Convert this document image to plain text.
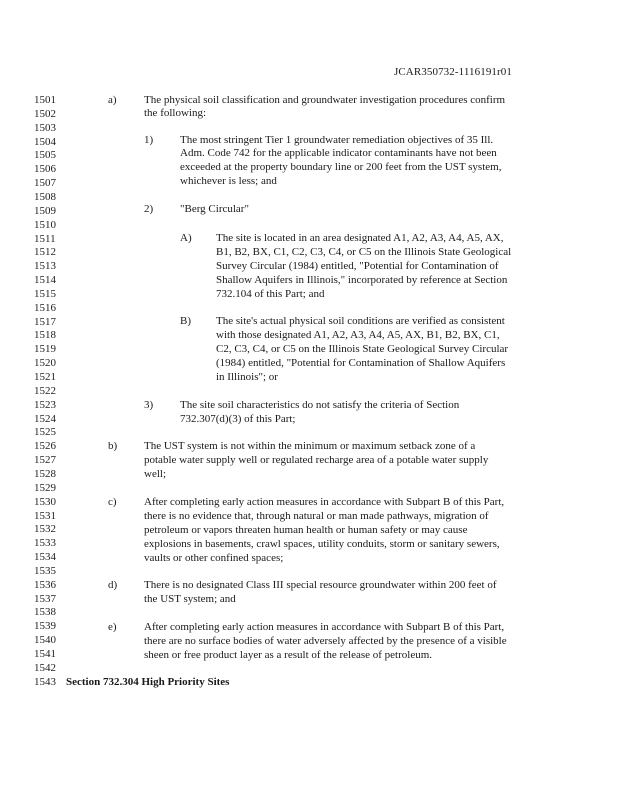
JCAR350732-1116191r01
1501
1502
1503
1504
1505
1506
1507
1508
1509
1510
1511
1512
1513
1514
1515
1516
1517
1518
1519
1520
1521
1522
1523
1524
1525
1526
1527
1528
1529
1530
1531
1532
1533
1534
1535
1536
1537
1538
1539
1540
1541
1542
1543
a) The physical soil classification and groundwater investigation procedures confirm
the following:
1) The most stringent Tier 1 groundwater remediation objectives of 35 Ill.
Adm. Code 742 for the applicable indicator contaminants have not been
exceeded at the property boundary line or 200 feet from the UST system,
whichever is less; and
2) "Berg Circular"
A) The site is located in an area designated A1, A2, A3, A4, A5, AX,
B1, B2, BX, C1, C2, C3, C4, or C5 on the Illinois State Geological
Survey Circular (1984) entitled, "Potential for Contamination of
Shallow Aquifers in Illinois," incorporated by reference at Section
732.104 of this Part; and
B) The site's actual physical soil conditions are verified as consistent
with those designated A1, A2, A3, A4, A5, AX, B1, B2, BX, C1,
C2, C3, C4, or C5 on the Illinois State Geological Survey Circular
(1984) entitled, "Potential for Contamination of Shallow Aquifers
in Illinois"; or
3) The site soil characteristics do not satisfy the criteria of Section
732.307(d)(3) of this Part;
b) The UST system is not within the minimum or maximum setback zone of a
potable water supply well or regulated recharge area of a potable water supply
well;
c) After completing early action measures in accordance with Subpart B of this Part,
there is no evidence that, through natural or man made pathways, migration of
petroleum or vapors threaten human health or human safety or may cause
explosions in basements, crawl spaces, utility conduits, storm or sanitary sewers,
vaults or other confined spaces;
d) There is no designated Class III special resource groundwater within 200 feet of
the UST system; and
e) After completing early action measures in accordance with Subpart B of this Part,
there are no surface bodies of water adversely affected by the presence of a visible
sheen or free product layer as a result of the release of petroleum.
Section 732.304 High Priority Sites
